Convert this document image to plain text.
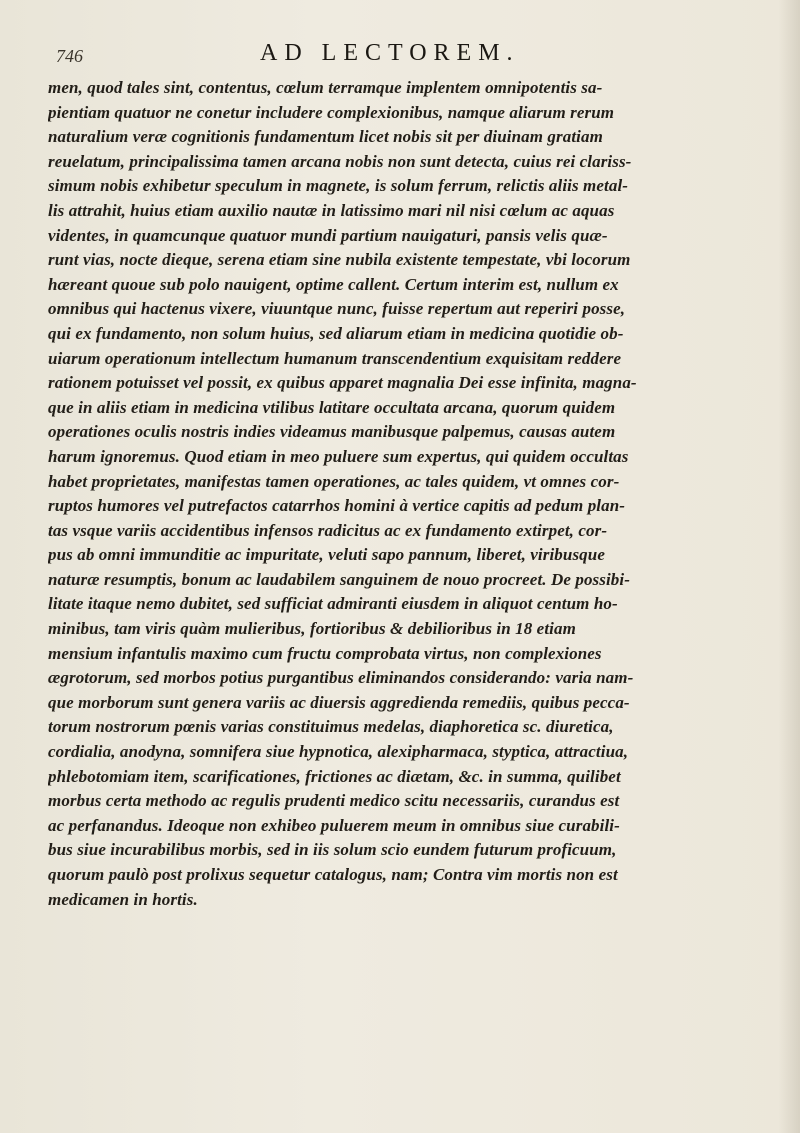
746	AD LECTOREM.
men, quod tales sint, contentus, cœlum terramque implentem omnipotentis sa-
pientiam quatuor ne conetur includere complexionibus, namque aliarum rerum
naturalium veræ cognitionis fundamentum licet nobis sit per diuinam gratiam
reuelatum, principalissima tamen arcana nobis non sunt detecta, cuius rei clariss-
simum nobis exhibetur speculum in magnete, is solum ferrum, relictis aliis metal-
lis attrahit, huius etiam auxilio nautæ in latissimo mari nil nisi cœlum ac aquas
videntes, in quamcunque quatuor mundi partium nauigaturi, pansis velis quæ-
runt vias, nocte dieque, serena etiam sine nubila existente tempestate, vbi locorum
hæreant quoue sub polo nauigent, optime callent. Certum interim est, nullum ex
omnibus qui hactenus vixere, viuuntque nunc, fuisse repertum aut reperiri posse,
qui ex fundamento, non solum huius, sed aliarum etiam in medicina quotidie ob-
uiarum operationum intellectum humanum transcendentium exquisitam reddere
rationem potuisset vel possit, ex quibus apparet magnalia Dei esse infinita, magna-
que in aliis etiam in medicina vtilibus latitare occultata arcana, quorum quidem
operationes oculis nostris indies videamus manibusque palpemus, causas autem
harum ignoremus. Quod etiam in meo puluere sum expertus, qui quidem occultas
habet proprietates, manifestas tamen operationes, ac tales quidem, vt omnes cor-
ruptos humores vel putrefactos catarrhos homini à vertice capitis ad pedum plan-
tas vsque variis accidentibus infensos radicitus ac ex fundamento extirpet, cor-
pus ab omni immunditie ac impuritate, veluti sapo pannum, liberet, viribusque
naturæ resumptis, bonum ac laudabilem sanguinem de nouo procreet. De possibi-
litate itaque nemo dubitet, sed sufficiat admiranti eiusdem in aliquot centum ho-
minibus, tam viris quàm mulieribus, fortioribus & debilioribus in 18 etiam
mensium infantulis maximo cum fructu comprobata virtus, non complexiones
ægrotorum, sed morbos potius purgantibus eliminandos considerando: varia nam-
que morborum sunt genera variis ac diuersis aggredienda remediis, quibus pecca-
torum nostrorum pœnis varias constituimus medelas, diaphoretica sc. diuretica,
cordialia, anodyna, somnifera siue hypnotica, alexipharmaca, styptica, attractiua,
phlebotomiam item, scarificationes, frictiones ac diætam, &c. in summa, quilibet
morbus certa methodo ac regulis prudenti medico scitu necessariis, curandus est
ac perfanandus. Ideoque non exhibeo puluerem meum in omnibus siue curabili-
bus siue incurabilibus morbis, sed in iis solum scio eundem futurum proficuum,
quorum paulò post prolixus sequetur catalogus, nam; Contra vim mortis non est
medicamen in hortis.
